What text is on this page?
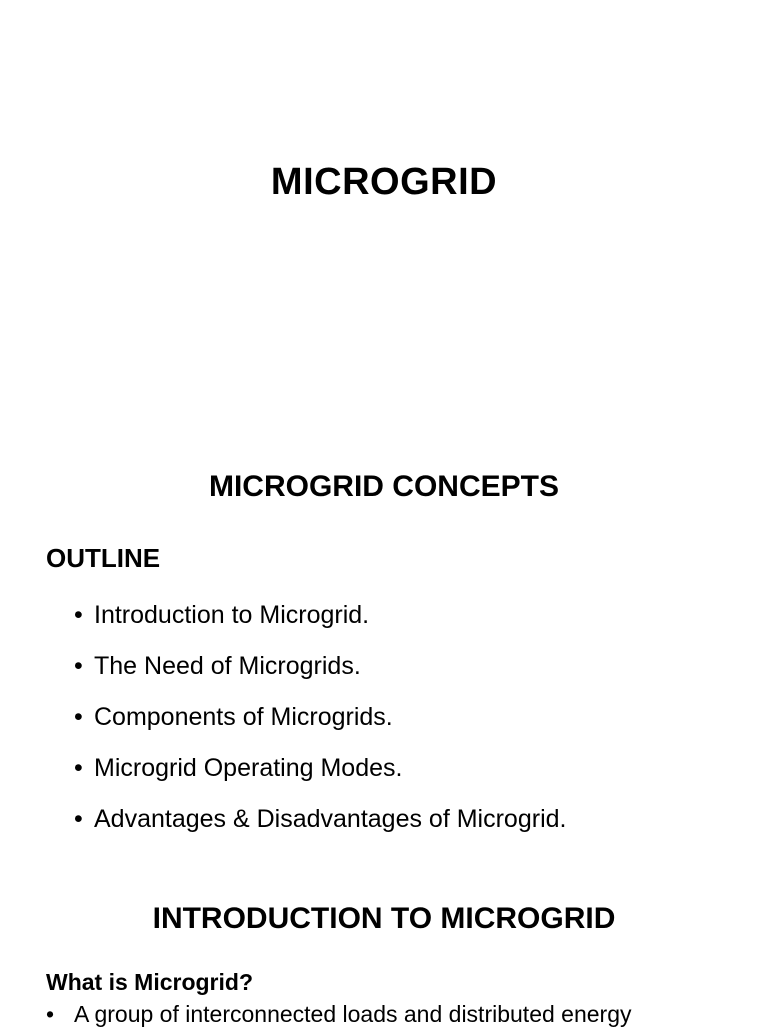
MICROGRID
MICROGRID CONCEPTS
OUTLINE
• Introduction to Microgrid.
• The Need of Microgrids.
• Components of Microgrids.
• Microgrid Operating Modes.
• Advantages & Disadvantages of Microgrid.
INTRODUCTION TO MICROGRID
What is Microgrid?
• A group of interconnected loads and distributed energy
